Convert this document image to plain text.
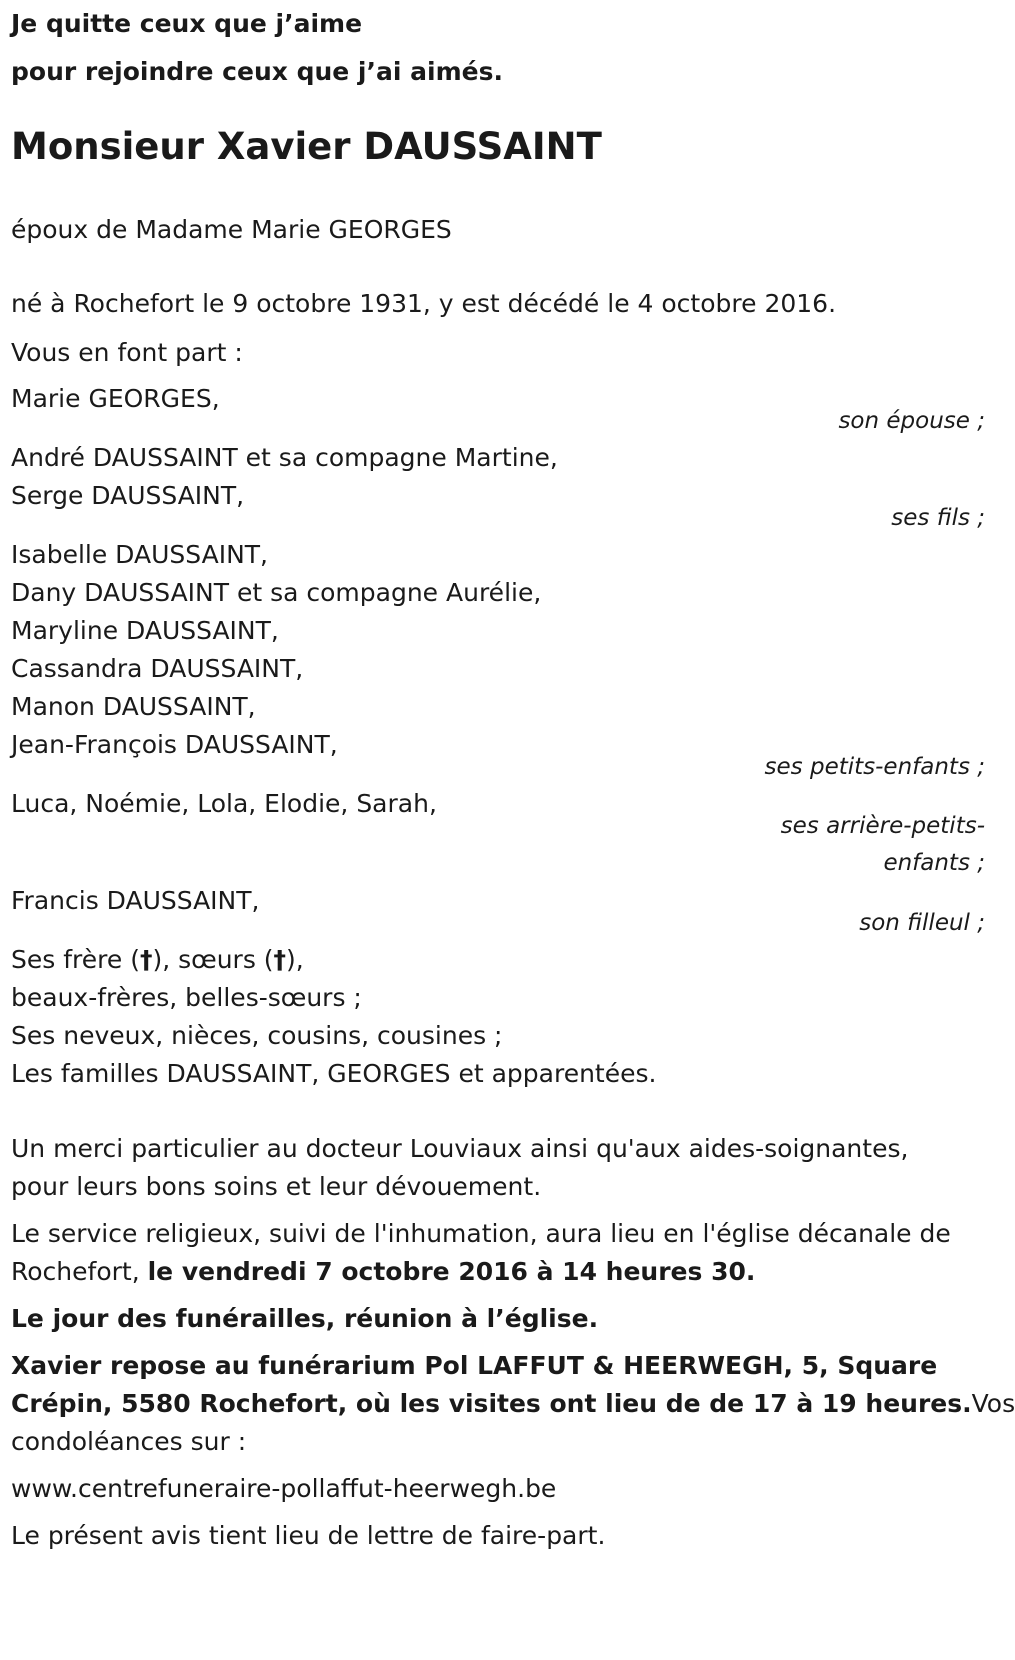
Je quitte ceux que j’aime
pour rejoindre ceux que j’ai aimés.
Monsieur Xavier DAUSSAINT
époux de Madame Marie GEORGES
né à Rochefort le 9 octobre 1931, y est décédé le 4 octobre 2016.
Vous en font part :
Marie GEORGES,
son épouse ;
André DAUSSAINT et sa compagne Martine,
Serge DAUSSAINT,
ses fils ;
Isabelle DAUSSAINT,
Dany DAUSSAINT et sa compagne Aurélie,
Maryline DAUSSAINT,
Cassandra DAUSSAINT,
Manon DAUSSAINT,
Jean-François DAUSSAINT,
ses petits-enfants ;
Luca, Noémie, Lola, Elodie, Sarah,
ses arrière-petits-
enfants ;
Francis DAUSSAINT,
son filleul ;
Ses frère (†), sœurs (†),
beaux-frères, belles-sœurs ;
Ses neveux, nièces, cousins, cousines ;
Les familles DAUSSAINT, GEORGES et apparentées.
Un merci particulier au docteur Louviaux ainsi qu'aux aides-soignantes,
pour leurs bons soins et leur dévouement.
Le service religieux, suivi de l'inhumation, aura lieu en l'église décanale de
Rochefort, le vendredi 7 octobre 2016 à 14 heures 30.
Le jour des funérailles, réunion à l’église.
Xavier repose au funérarium Pol LAFFUT & HEERWEGH, 5, Square
Crépin, 5580 Rochefort, où les visites ont lieu de de 17 à 19 heures.Vos
condoléances sur :
www.centrefuneraire-pollaffut-heerwegh.be
Le présent avis tient lieu de lettre de faire-part.
